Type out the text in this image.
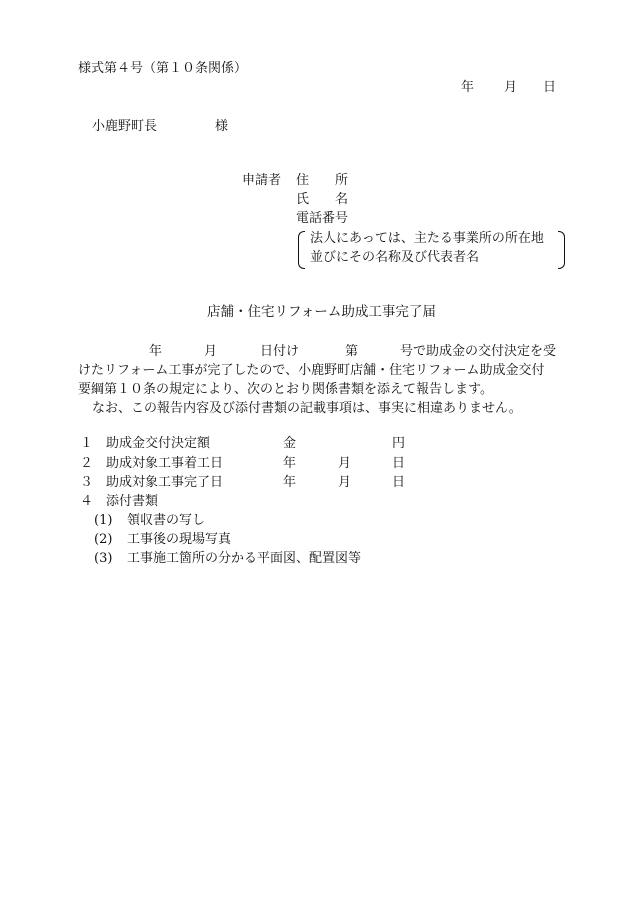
様式第４号（第１０条関係）
年 月 日
小鹿野町長	様
申請者 住　　所
氏　　名
電話番号
法人にあっては、主たる事業所の所在地
並びにその名称及び代表者名
店舗・住宅リフォーム助成工事完了届
年	月	日付け	第	号で助成金の交付決定を受
けたリフォーム工事が完了したので、小鹿野町店舗・住宅リフォーム助成金交付
要綱第１０条の規定により、次のとおり関係書類を添えて報告します。
なお、この報告内容及び添付書類の記載事項は、事実に相違ありません。
１ 助成金交付決定額	金	円
２ 助成対象工事着工日	年	月	日
３ 助成対象工事完了日	年	月	日
４ 添付書類
(1) 領収書の写し
(2) 工事後の現場写真
(3) 工事施工箇所の分かる平面図、配置図等
